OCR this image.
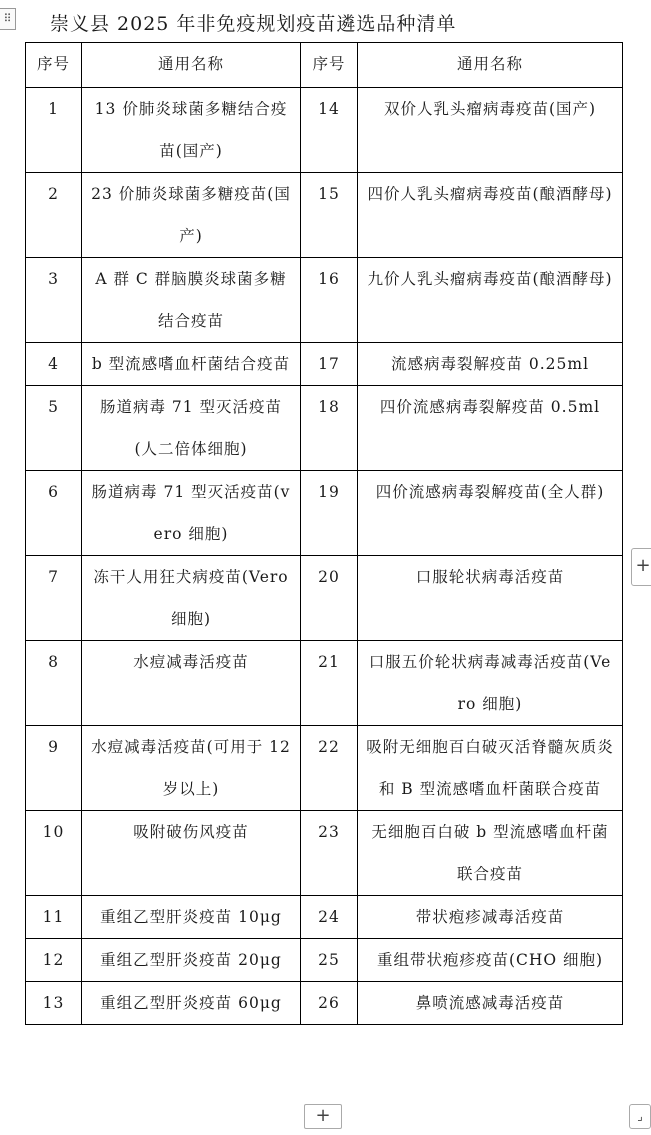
⠿ 崇义县 2025 年非免疫规划疫苗遴选品种清单
序号	通用名称	序号	通用名称
1	13 价肺炎球菌多糖结合疫苗(国产)	14	双价人乳头瘤病毒疫苗(国产)
2	23 价肺炎球菌多糖疫苗(国产)	15	四价人乳头瘤病毒疫苗(酿酒酵母)
3	A 群 C 群脑膜炎球菌多糖结合疫苗	16	九价人乳头瘤病毒疫苗(酿酒酵母)
4	b 型流感嗜血杆菌结合疫苗	17	流感病毒裂解疫苗 0.25ml
5	肠道病毒 71 型灭活疫苗(人二倍体细胞)	18	四价流感病毒裂解疫苗 0.5ml
6	肠道病毒 71 型灭活疫苗(vero 细胞)	19	四价流感病毒裂解疫苗(全人群)
7	冻干人用狂犬病疫苗(Vero 细胞)	20	口服轮状病毒活疫苗
8	水痘减毒活疫苗	21	口服五价轮状病毒减毒活疫苗(Vero 细胞)
9	水痘减毒活疫苗(可用于 12 岁以上)	22	吸附无细胞百白破灭活脊髓灰质炎和 B 型流感嗜血杆菌联合疫苗
10	吸附破伤风疫苗	23	无细胞百白破 b 型流感嗜血杆菌联合疫苗
11	重组乙型肝炎疫苗 10μg	24	带状疱疹减毒活疫苗
12	重组乙型肝炎疫苗 20μg	25	重组带状疱疹疫苗(CHO 细胞)
13	重组乙型肝炎疫苗 60μg	26	鼻喷流感减毒活疫苗
+
+	⌟
